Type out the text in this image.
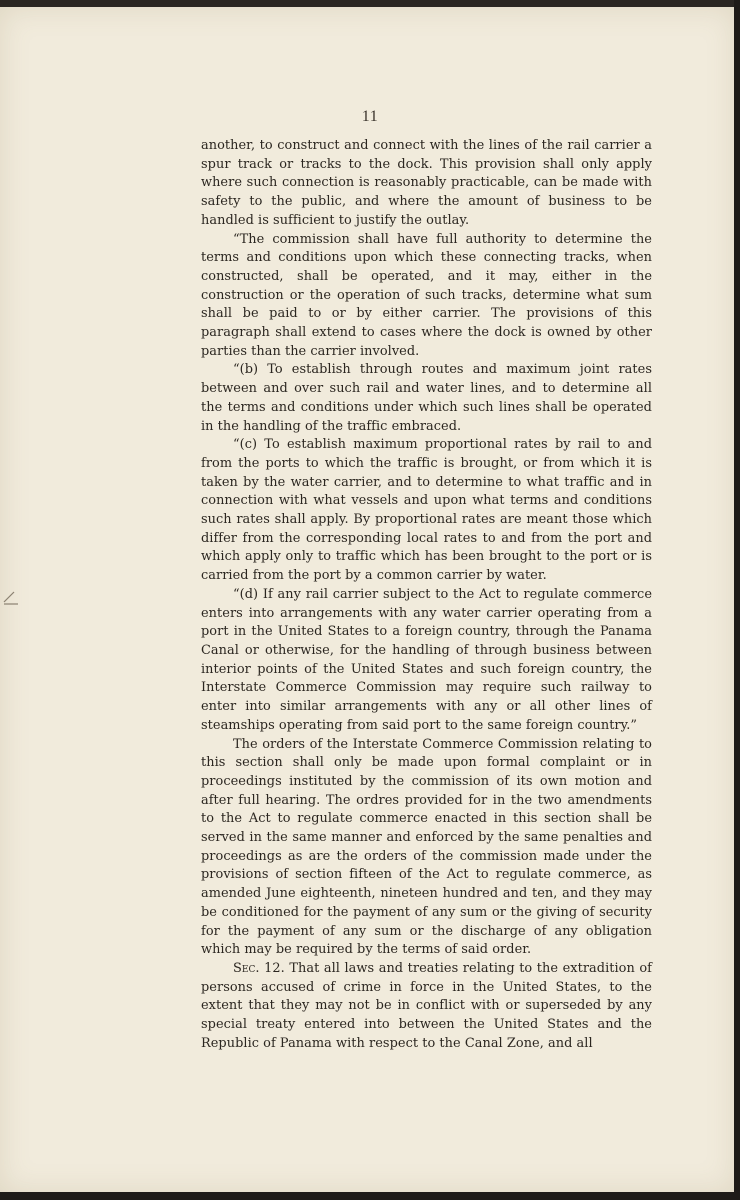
11

another, to construct and connect with the lines of the rail carrier a spur track or tracks to the dock. This provision shall only apply where such connection is reasonably practicable, can be made with safety to the public, and where the amount of business to be handled is sufficient to justify the outlay.

“The commission shall have full authority to determine the terms and conditions upon which these connecting tracks, when constructed, shall be operated, and it may, either in the construction or the operation of such tracks, determine what sum shall be paid to or by either carrier. The provisions of this paragraph shall extend to cases where the dock is owned by other parties than the carrier involved.

“(b) To establish through routes and maximum joint rates between and over such rail and water lines, and to determine all the terms and conditions under which such lines shall be operated in the handling of the traffic embraced.

“(c) To establish maximum proportional rates by rail to and from the ports to which the traffic is brought, or from which it is taken by the water carrier, and to determine to what traffic and in connection with what vessels and upon what terms and conditions such rates shall apply. By proportional rates are meant those which differ from the corresponding local rates to and from the port and which apply only to traffic which has been brought to the port or is carried from the port by a common carrier by water.

“(d) If any rail carrier subject to the Act to regulate commerce enters into arrangements with any water carrier operating from a port in the United States to a foreign country, through the Panama Canal or otherwise, for the handling of through business between interior points of the United States and such foreign country, the Interstate Commerce Commission may require such railway to enter into similar arrangements with any or all other lines of steamships operating from said port to the same foreign country.”

The orders of the Interstate Commerce Commission relating to this section shall only be made upon formal complaint or in proceedings instituted by the commission of its own motion and after full hearing. The ordres provided for in the two amendments to the Act to regulate commerce enacted in this section shall be served in the same manner and enforced by the same penalties and proceedings as are the orders of the commission made under the provisions of section fifteen of the Act to regulate commerce, as amended June eighteenth, nineteen hundred and ten, and they may be conditioned for the payment of any sum or the giving of security for the payment of any sum or the discharge of any obligation which may be required by the terms of said order.

Sec. 12. That all laws and treaties relating to the extradition of persons accused of crime in force in the United States, to the extent that they may not be in conflict with or superseded by any special treaty entered into between the United States and the Republic of Panama with respect to the Canal Zone, and all
